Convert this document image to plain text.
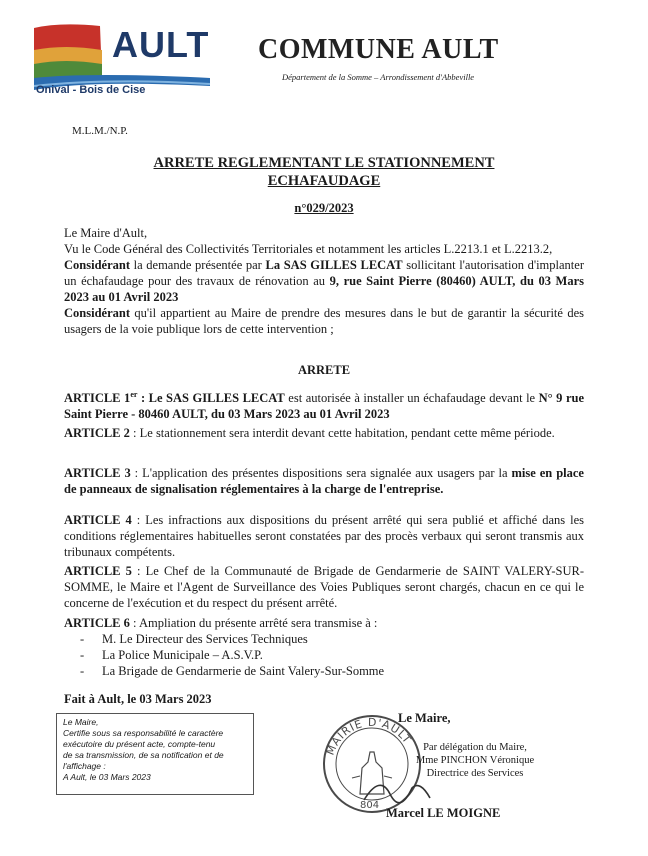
AULT
Onival - Bois de Cise
COMMUNE AULT
Département de la Somme – Arrondissement d'Abbeville
M.L.M./N.P.
ARRETE REGLEMENTANT LE STATIONNEMENT
ECHAFAUDAGE
n°029/2023
Le Maire d'Ault,
Vu le Code Général des Collectivités Territoriales et notamment les articles L.2213.1 et L.2213.2,
Considérant la demande présentée par La SAS GILLES LECAT sollicitant l'autorisation d'implanter un échafaudage pour des travaux de rénovation au 9, rue Saint Pierre (80460) AULT, du 03 Mars 2023 au 01 Avril 2023
Considérant qu'il appartient au Maire de prendre des mesures dans le but de garantir la sécurité des usagers de la voie publique lors de cette intervention ;
ARRETE
ARTICLE 1er : Le SAS GILLES LECAT est autorisée à installer un échafaudage devant le N° 9 rue Saint Pierre - 80460 AULT, du 03 Mars 2023 au 01 Avril 2023
ARTICLE 2 : Le stationnement sera interdit devant cette habitation, pendant cette même période.
ARTICLE 3 : L'application des présentes dispositions sera signalée aux usagers par la mise en place de panneaux de signalisation réglementaires à la charge de l'entreprise.
ARTICLE 4 : Les infractions aux dispositions du présent arrêté qui sera publié et affiché dans les conditions réglementaires habituelles seront constatées par des procès verbaux qui seront transmis aux tribunaux compétents.
ARTICLE 5 : Le Chef de la Communauté de Brigade de Gendarmerie de SAINT VALERY-SUR-SOMME, le Maire et l'Agent de Surveillance des Voies Publiques seront chargés, chacun en ce qui le concerne de l'exécution et du respect du présent arrêté.
ARTICLE 6 : Ampliation du présente arrêté sera transmise à :
- M. Le Directeur des Services Techniques
- La Police Municipale – A.S.V.P.
- La Brigade de Gendarmerie de Saint Valery-Sur-Somme
Fait à Ault, le 03 Mars 2023
Le Maire,
Certifie sous sa responsabilité le caractère
exécutoire du présent acte, compte-tenu
de sa transmission, de sa notification et de
l'affichage :
A Ault, le 03 Mars 2023
MAIRIE D'AULT
804
Le Maire,
Par délégation du Maire,
Mme PINCHON Véronique
Directrice des Services
Marcel LE MOIGNE
